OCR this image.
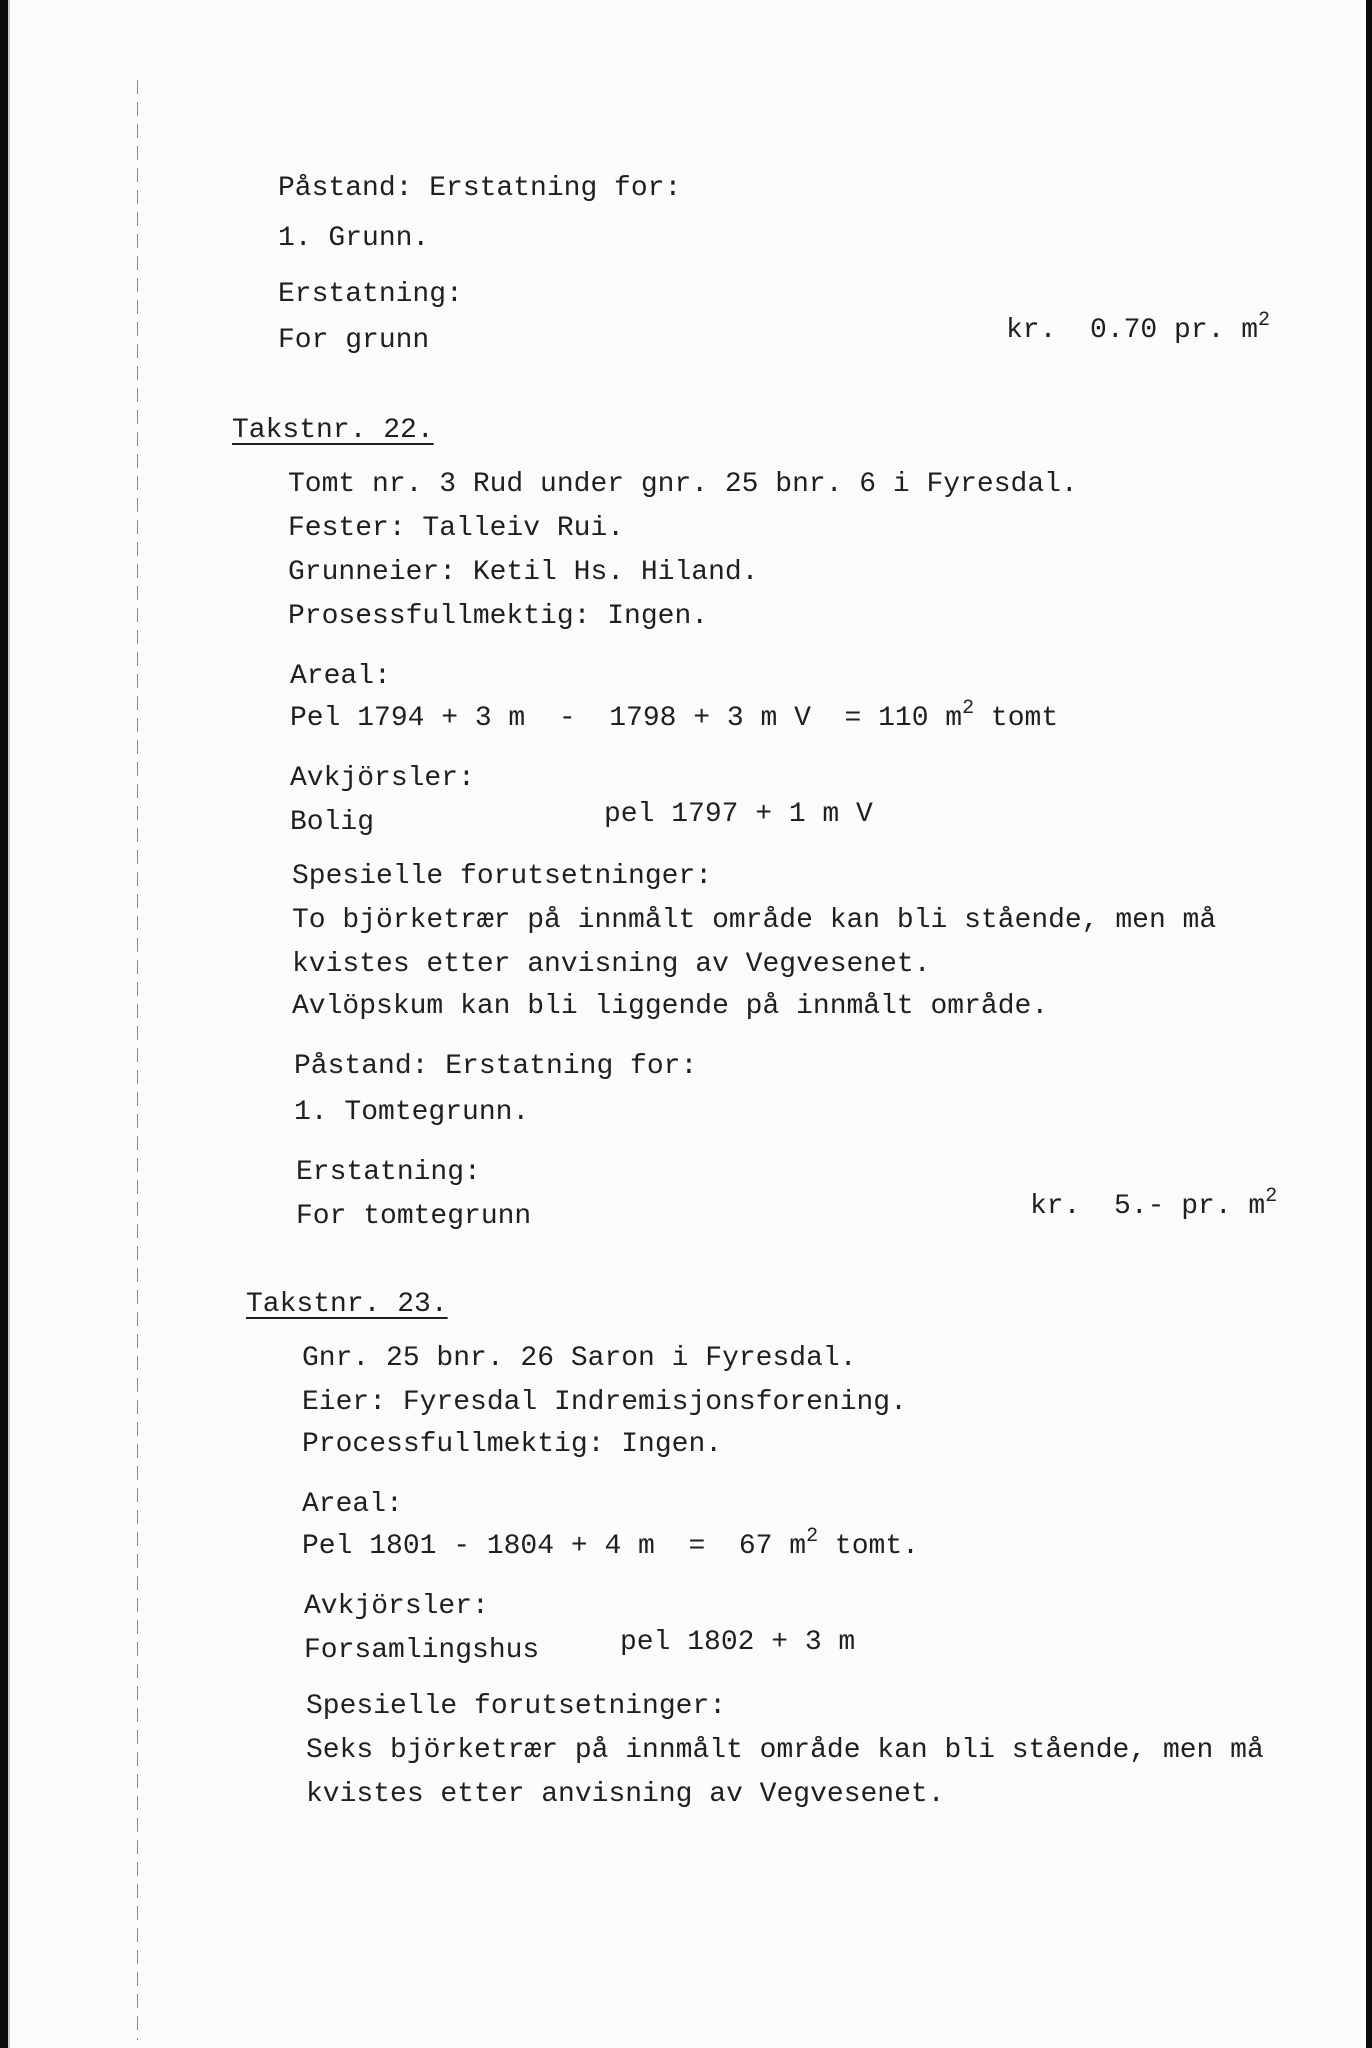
Påstand: Erstatning for:
1. Grunn.
Erstatning:
For grunn	kr.  0.70 pr. $m^2$
Takstnr. 22.
Tomt nr. 3 Rud under gnr. 25 bnr. 6 i Fyresdal.
Fester: Talleiv Rui.
Grunneier: Ketil Hs. Hiland.
Prosessfullmektig: Ingen.
Areal:
Pel 1794 + 3 m  -  1798 + 3 m V  = 110 $m^2$ tomt
Avkjörsler:
Bolig	pel 1797 + 1 m V
Spesielle forutsetninger:
To björketrær på innmålt område kan bli stående, men må
kvistes etter anvisning av Vegvesenet.
Avlöpskum kan bli liggende på innmålt område.
Påstand: Erstatning for:
1. Tomtegrunn.
Erstatning:
For tomtegrunn	kr.  5.- pr. $m^2$
Takstnr. 23.
Gnr. 25 bnr. 26 Saron i Fyresdal.
Eier: Fyresdal Indremisjonsforening.
Processfullmektig: Ingen.
Areal:
Pel 1801 - 1804 + 4 m  =  67 $m^2$ tomt.
Avkjörsler:
Forsamlingshus	pel 1802 + 3 m
Spesielle forutsetninger:
Seks björketrær på innmålt område kan bli stående, men må
kvistes etter anvisning av Vegvesenet.
